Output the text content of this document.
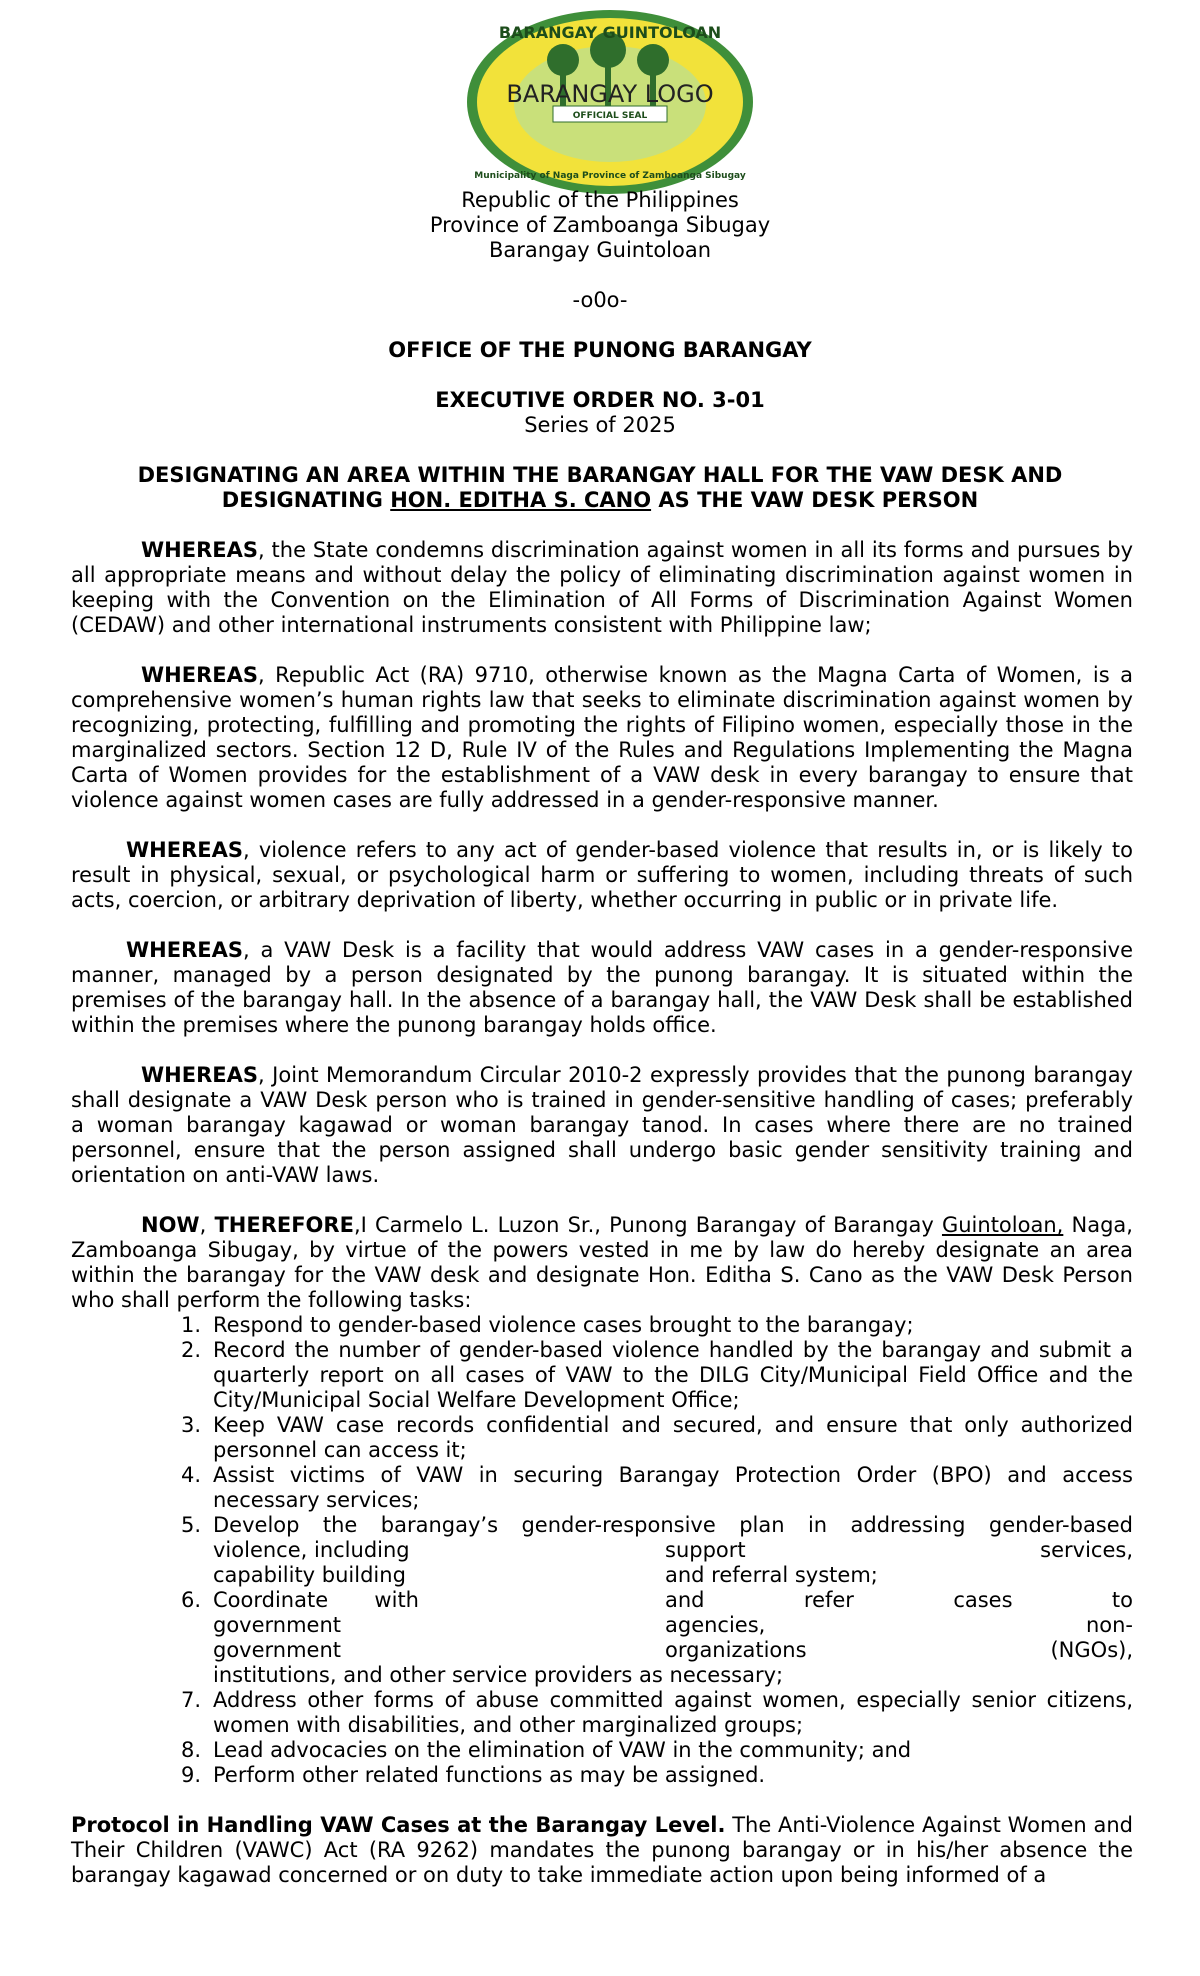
OFFICIAL SEAL
BARANGAY GUINTOLOAN
Municipality of Naga Province of Zamboanga Sibugay
BARANGAY LOGO
Republic of the Philippines
Province of Zamboanga Sibugay
Barangay Guintoloan
-o0o-
OFFICE OF THE PUNONG BARANGAY
EXECUTIVE ORDER NO. 3-01
Series of 2025
DESIGNATING AN AREA WITHIN THE BARANGAY HALL FOR THE VAW DESK AND
DESIGNATING HON. EDITHA S. CANO AS THE VAW DESK PERSON

WHEREAS, the State condemns discrimination against women in all its forms and pursues by all appropriate means and without delay the policy of eliminating discrimination against women in keeping with the Convention on the Elimination of All Forms of Discrimination Against Women (CEDAW) and other international instruments consistent with Philippine law;

WHEREAS, Republic Act (RA) 9710, otherwise known as the Magna Carta of Women, is a comprehensive women’s human rights law that seeks to eliminate discrimination against women by recognizing, protecting, fulfilling and promoting the rights of Filipino women, especially those in the marginalized sectors. Section 12 D, Rule IV of the Rules and Regulations Implementing the Magna Carta of Women provides for the establishment of a VAW desk in every barangay to ensure that violence against women cases are fully addressed in a gender-responsive manner.

WHEREAS, violence refers to any act of gender-based violence that results in, or is likely to result in physical, sexual, or psychological harm or suffering to women, including threats of such acts, coercion, or arbitrary deprivation of liberty, whether occurring in public or in private life.

WHEREAS, a VAW Desk is a facility that would address VAW cases in a gender-responsive manner, managed by a person designated by the punong barangay. It is situated within the premises of the barangay hall. In the absence of a barangay hall, the VAW Desk shall be established within the premises where the punong barangay holds office.

WHEREAS, Joint Memorandum Circular 2010-2 expressly provides that the punong barangay shall designate a VAW Desk person who is trained in gender-sensitive handling of cases; preferably a woman barangay kagawad or woman barangay tanod. In cases where there are no trained personnel, ensure that the person assigned shall undergo basic gender sensitivity training and orientation on anti-VAW laws.

NOW, THEREFORE,I Carmelo L. Luzon Sr., Punong Barangay of Barangay Guintoloan, Naga, Zamboanga Sibugay, by virtue of the powers vested in me by law do hereby designate an area within the barangay for the VAW desk and designate Hon. Editha S. Cano as the VAW Desk Person who shall perform the following tasks:
1. Respond to gender-based violence cases brought to the barangay;
2. Record the number of gender-based violence handled by the barangay and submit a quarterly report on all cases of VAW to the DILG City/Municipal Field Office and the City/Municipal Social Welfare Development Office;
3. Keep VAW case records confidential and secured, and ensure that only authorized personnel can access it;
4. Assist victims of VAW in securing Barangay Protection Order (BPO) and access necessary services;
5. Develop the barangay’s gender-responsive plan in addressing gender-based
violence, including	support services,
capability building	and referral system;
6. Coordinate with	and refer cases to
government	agencies, non-
government	organizations (NGOs),
institutions, and other service providers as necessary;
7. Address other forms of abuse committed against women, especially senior citizens, women with disabilities, and other marginalized groups;
8. Lead advocacies on the elimination of VAW in the community; and
9. Perform other related functions as may be assigned.

Protocol in Handling VAW Cases at the Barangay Level. The Anti-Violence Against Women and Their Children (VAWC) Act (RA 9262) mandates the punong barangay or in his/her absence the barangay kagawad concerned or on duty to take immediate action upon being informed of a
